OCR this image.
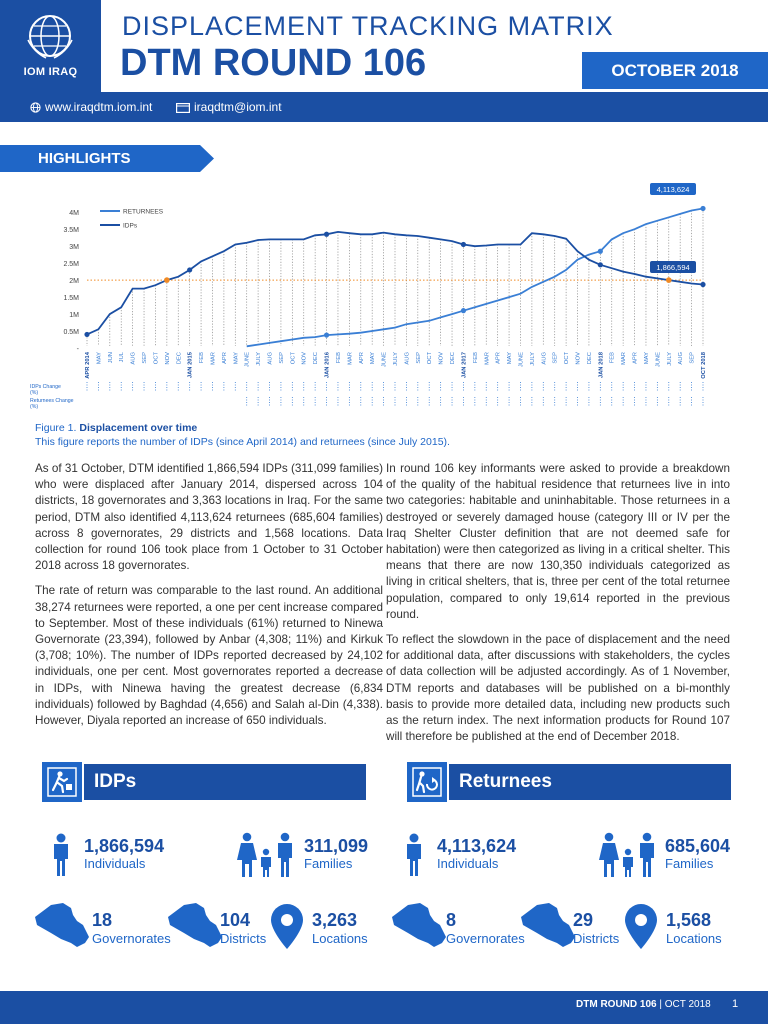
IOM IRAQ
DISPLACEMENT TRACKING MATRIX
DTM ROUND 106	OCTOBER 2018
www.iraqdtm.iom.int	iraqdtm@iom.int
HIGHLIGHTS
4M
3.5M
3M
2.5M
2M
1.5M
1M
0.5M
-
RETURNEES
IDPs
4,113,624
1,866,594
APR 2014 MAY JUN JUL AUG SEP OCT NOV DEC JAN 2015 FEB MAR APR MAY JUNE JULY AUG SEP OCT NOV DEC JAN 2016 FEB MAR APR MAY JUNE JULY AUG SEP OCT NOV DEC JAN 2017 FEB MAR APR MAY JUNE JULY AUG SEP OCT NOV DEC JAN 2018 FEB MAR APR MAY JUNE JULY AUG SEP OCT 2018
IDPs Change
(%)
Returnees Change
(%)
Figure 1. Displacement over time
This figure reports the number of IDPs (since April 2014) and returnees (since July 2015).

As of 31 October, DTM identified 1,866,594 IDPs (311,099 families) who were displaced after January 2014, dispersed across 104 districts, 18 governorates and 3,363 locations in Iraq. For the same period, DTM also identified 4,113,624 returnees (685,604 families) across 8 governorates, 29 districts and 1,568 locations. Data collection for round 106 took place from 1 October to 31 October 2018 across 18 governorates.

The rate of return was comparable to the last round. An additional 38,274 returnees were reported, a one per cent increase compared to September. Most of these individuals (61%) returned to Ninewa Governorate (23,394), followed by Anbar (4,308; 11%) and Kirkuk (3,708; 10%). The number of IDPs reported decreased by 24,102 individuals, one per cent. Most governorates reported a decrease in IDPs, with Ninewa having the greatest decrease (6,834 individuals) followed by Baghdad (4,656) and Salah al-Din (4,338). However, Diyala reported an increase of 650 individuals.

In round 106 key informants were asked to provide a breakdown of the quality of the habitual residence that returnees live in into two categories: habitable and uninhabitable. Those returnees in a destroyed or severely damaged house (category III or IV per the Iraq Shelter Cluster definition that are not deemed safe for habitation) were then categorized as living in a critical shelter. This means that there are now 130,350 individuals categorized as living in critical shelters, that is, three per cent of the total returnee population, compared to only 19,614 reported in the previous round.

To reflect the slowdown in the pace of displacement and the need for additional data, after discussions with stakeholders, the cycles of data collection will be adjusted accordingly. As of 1 November, DTM reports and databases will be published on a bi-monthly basis to provide more detailed data, including new products such as the return index. The next information products for Round 107 will therefore be published at the end of December 2018.

IDPs	Returnees
1,866,594
Individuals
311,099
Families
18
Governorates
104
Districts
3,263
Locations
4,113,624
Individuals
685,604
Families
8
Governorates
29
Districts
1,568
Locations
DTM ROUND 106 | OCT 2018 1
